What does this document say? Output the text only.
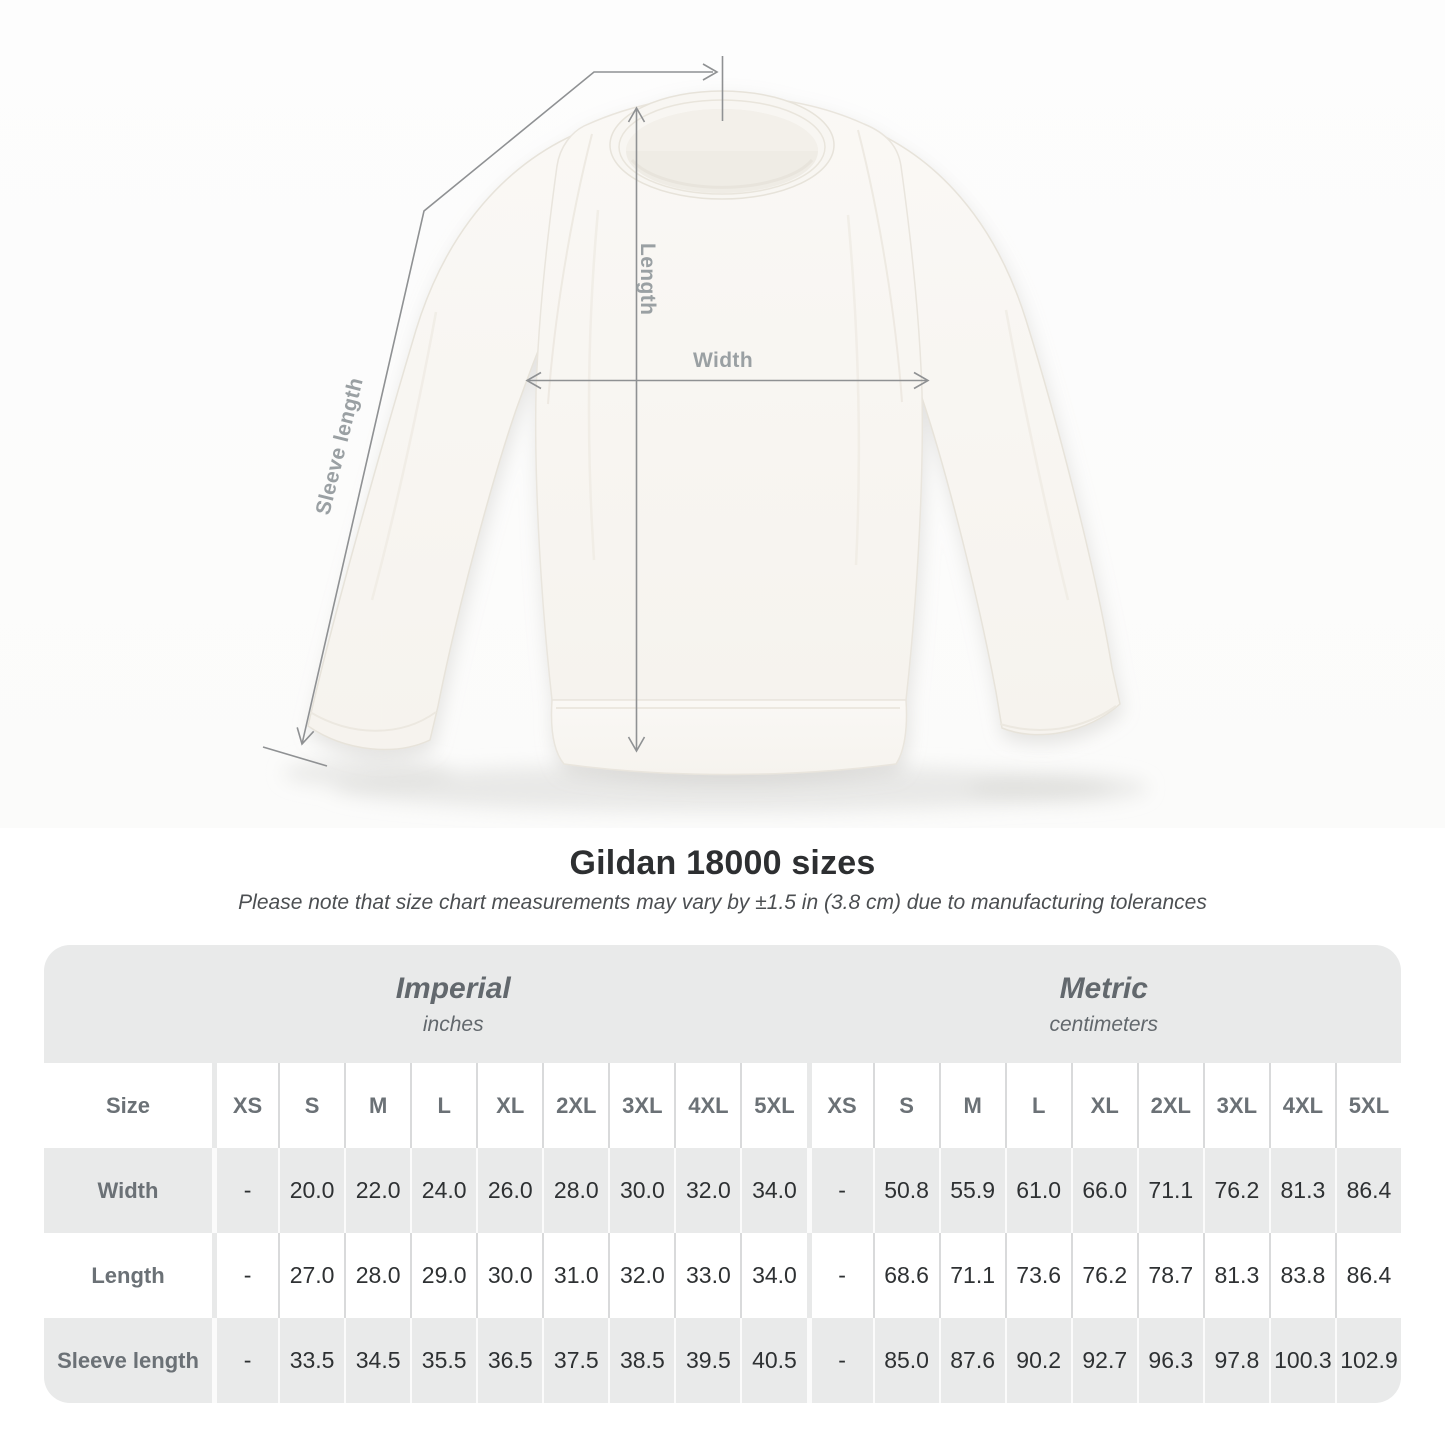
Width
Length
Sleeve length
Gildan 18000 sizes

Please note that size chart measurements may vary by ±1.5 in (3.8 cm) due to manufacturing tolerances

Imperial
inches
Metric
centimeters
Size	XS	S	M	L	XL	2XL	3XL	4XL	5XL	XS	S	M	L	XL	2XL	3XL	4XL	5XL
Width	-	20.0 22.0 24.0 26.0 28.0 30.0 32.0 34.0	-	50.8 55.9 61.0 66.0 71.1 76.2 81.3 86.4
Length	-	27.0 28.0 29.0 30.0 31.0 32.0 33.0 34.0	-	68.6 71.1 73.6 76.2 78.7 81.3 83.8 86.4
Sleeve length	-	33.5 34.5 35.5 36.5 37.5 38.5 39.5 40.5	-	85.0 87.6 90.2 92.7 96.3 97.8 100.3 102.9
